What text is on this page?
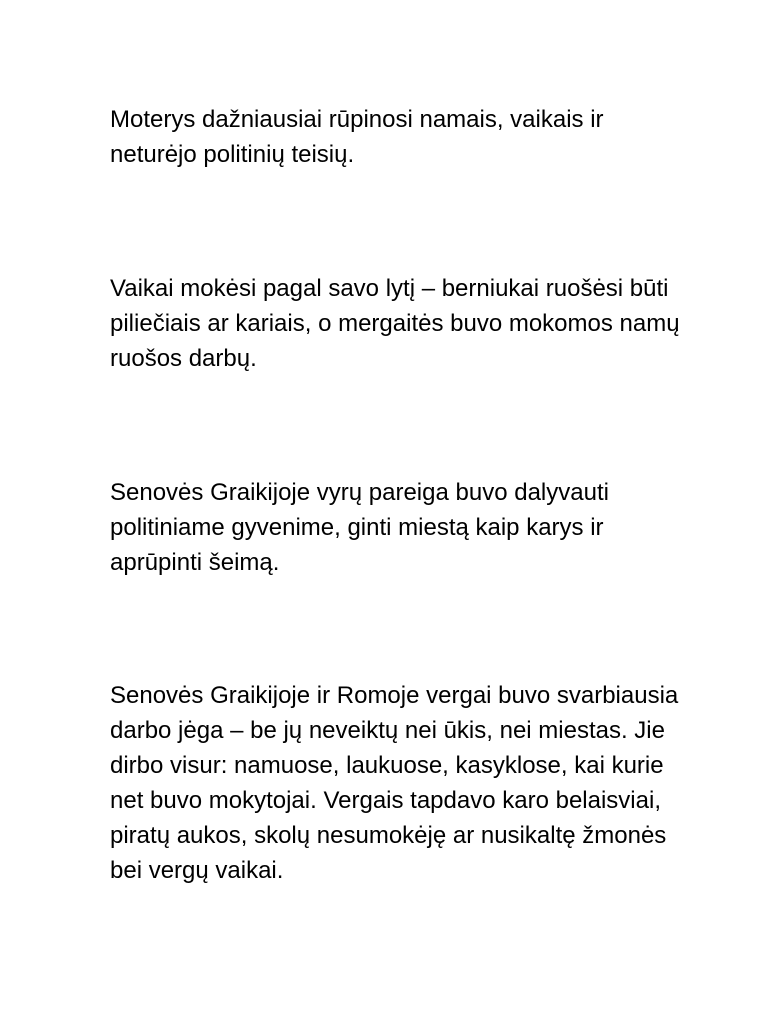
Moterys dažniausiai rūpinosi namais, vaikais ir
neturėjo politinių teisių.

Vaikai mokėsi pagal savo lytį – berniukai ruošėsi būti
piliečiais ar kariais, o mergaitės buvo mokomos namų
ruošos darbų.

Senovės Graikijoje vyrų pareiga buvo dalyvauti
politiniame gyvenime, ginti miestą kaip karys ir
aprūpinti šeimą.

Senovės Graikijoje ir Romoje vergai buvo svarbiausia
darbo jėga – be jų neveiktų nei ūkis, nei miestas. Jie
dirbo visur: namuose, laukuose, kasyklose, kai kurie
net buvo mokytojai. Vergais tapdavo karo belaisviai,
piratų aukos, skolų nesumokėję ar nusikaltę žmonės
bei vergų vaikai.
